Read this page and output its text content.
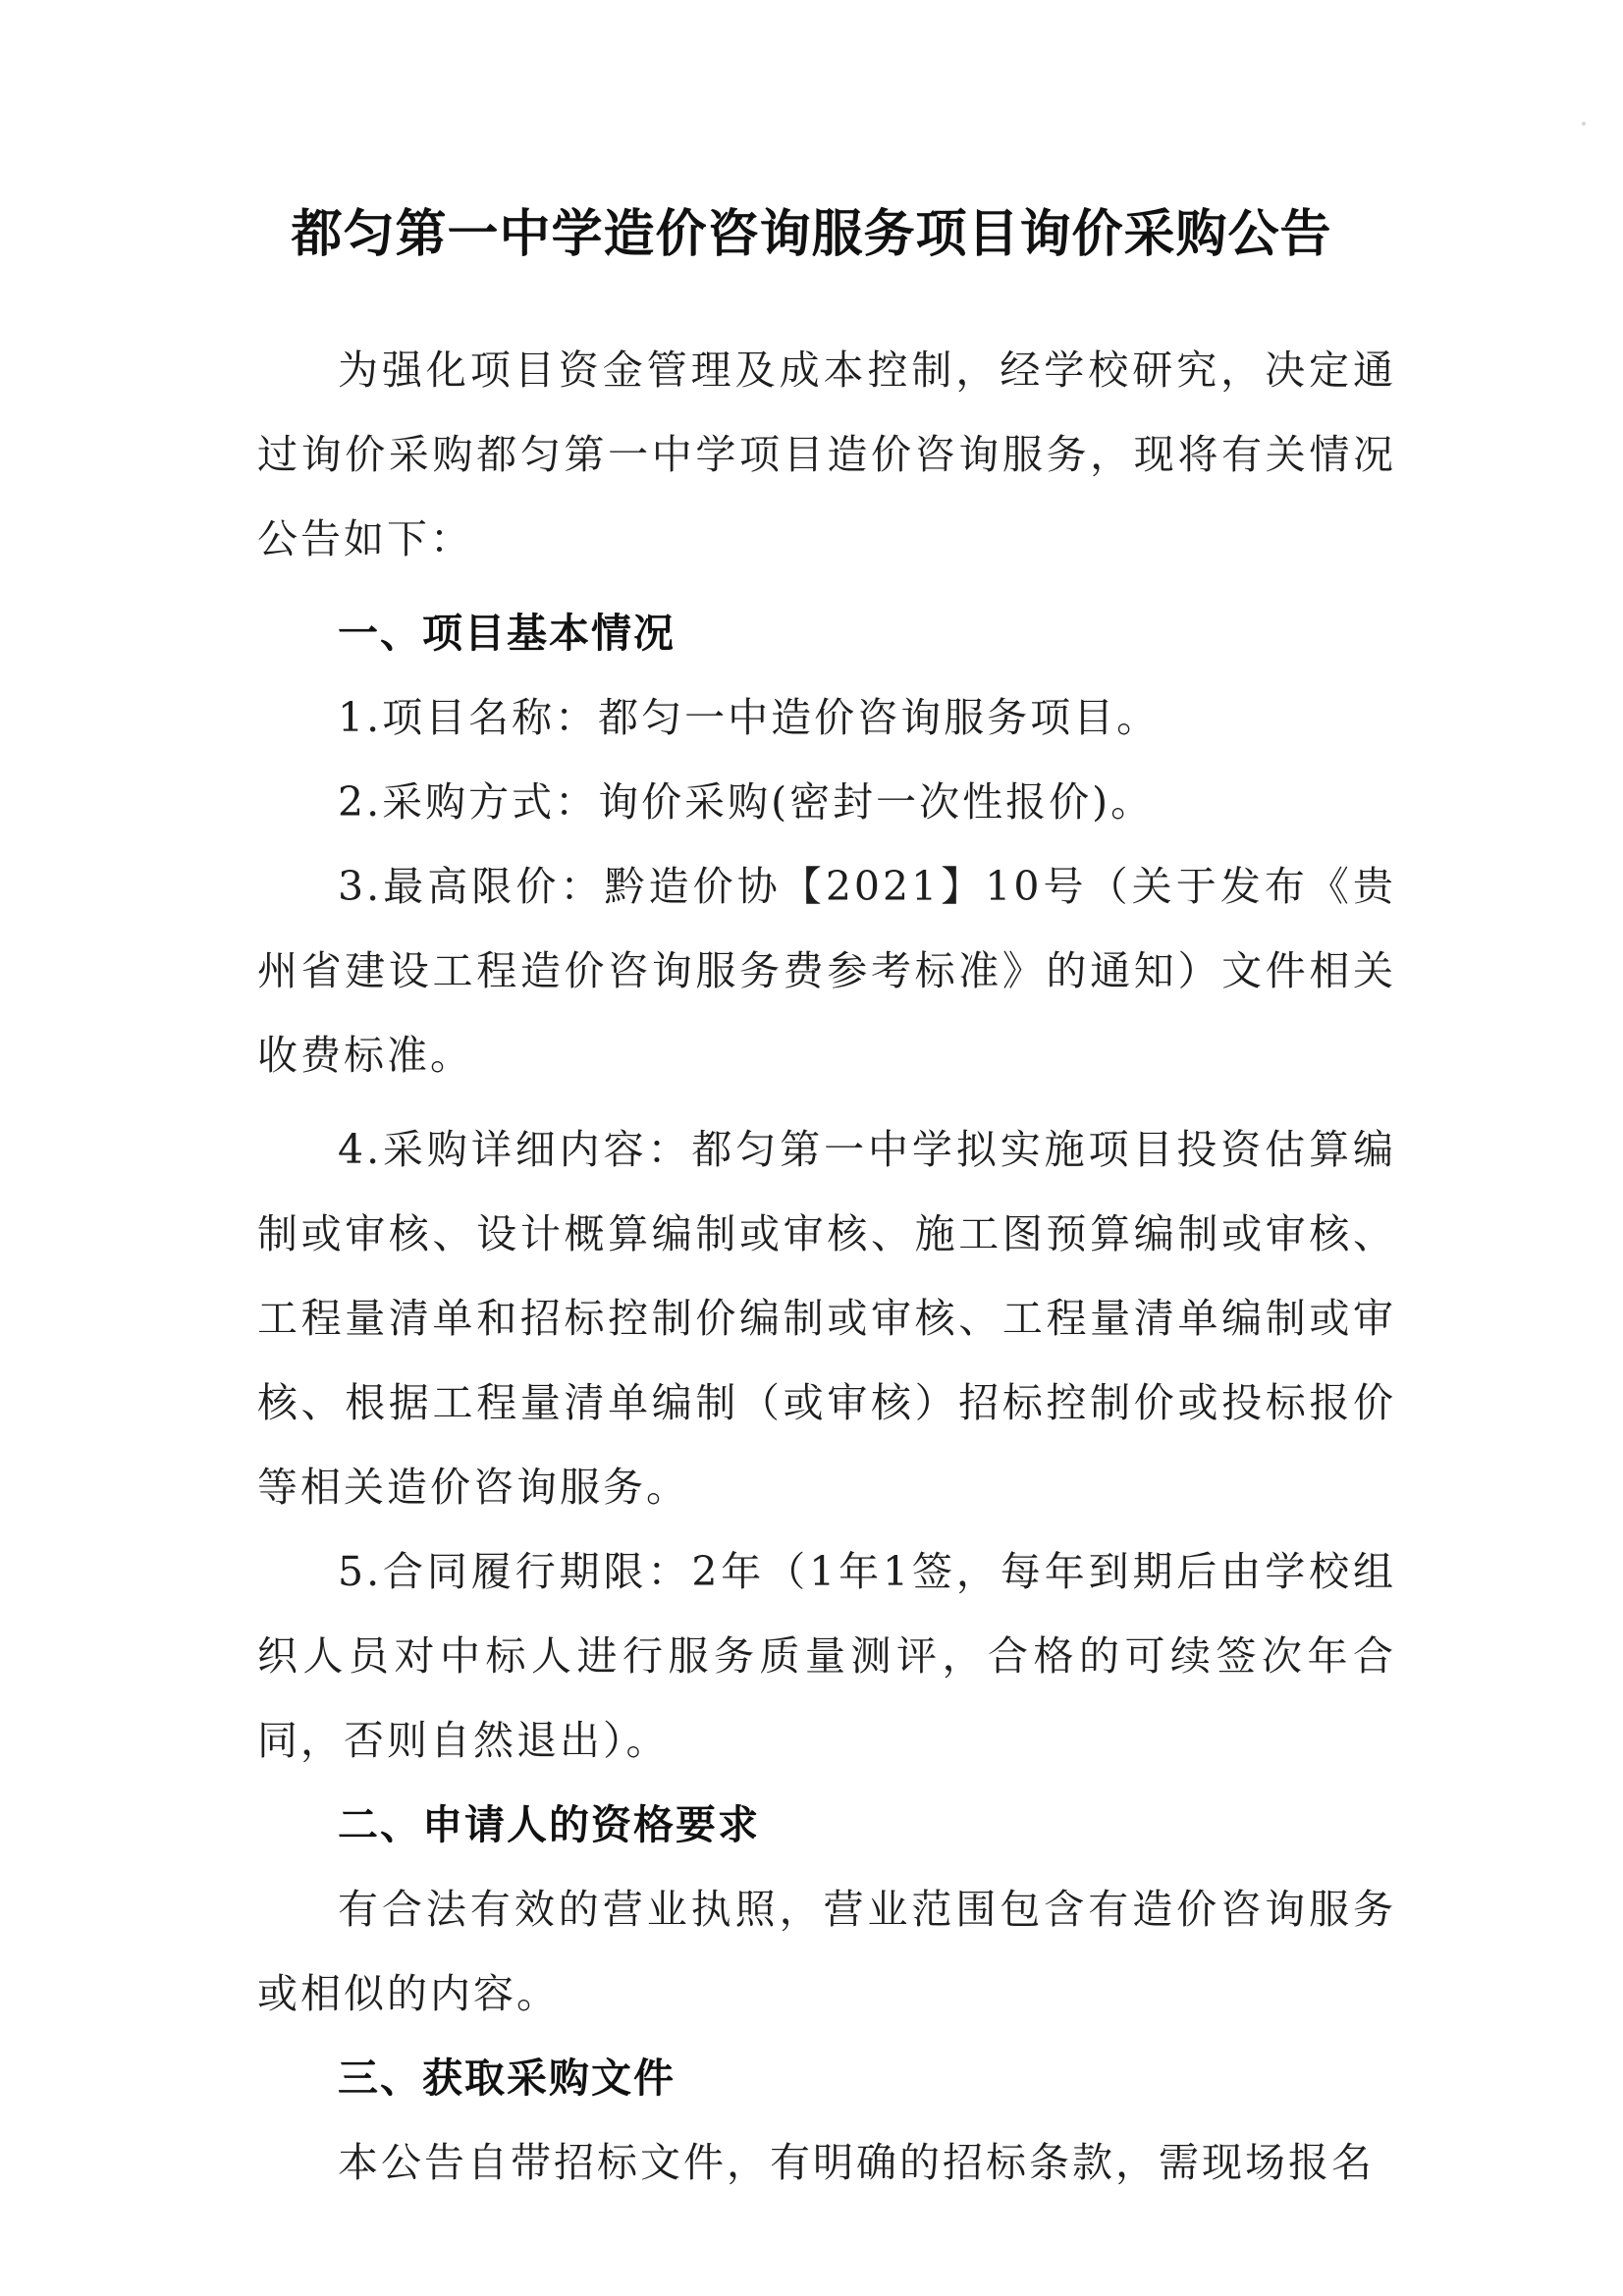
都匀第一中学造价咨询服务项目询价采购公告

为强化项目资金管理及成本控制，经学校研究，决定通过询价采购都匀第一中学项目造价咨询服务，现将有关情况公告如下：

一、项目基本情况

1.项目名称：都匀一中造价咨询服务项目。

2.采购方式：询价采购(密封一次性报价)。

3.最高限价：黔造价协【2021】10号（关于发布《贵州省建设工程造价咨询服务费参考标准》的通知）文件相关收费标准。

4.采购详细内容：都匀第一中学拟实施项目投资估算编制或审核、设计概算编制或审核、施工图预算编制或审核、工程量清单和招标控制价编制或审核、工程量清单编制或审核、根据工程量清单编制（或审核）招标控制价或投标报价等相关造价咨询服务。

5.合同履行期限：2年（1年1签，每年到期后由学校组织人员对中标人进行服务质量测评，合格的可续签次年合同，否则自然退出）。

二、申请人的资格要求

有合法有效的营业执照，营业范围包含有造价咨询服务或相似的内容。

三、获取采购文件

本公告自带招标文件，有明确的招标条款，需现场报名
